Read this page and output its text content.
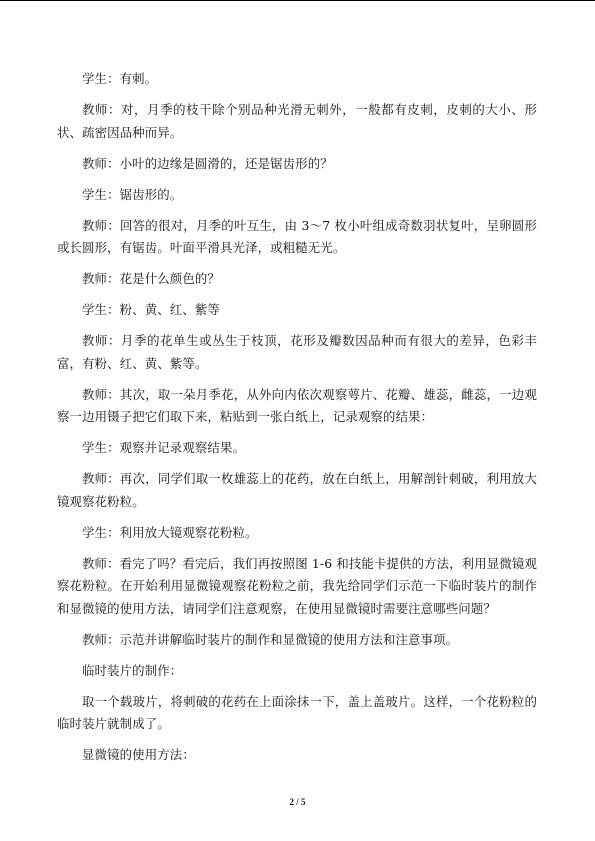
学生：有刺。

教师：对，月季的枝干除个别品种光滑无刺外，一般都有皮刺，皮刺的大小、形状、疏密因品种而异。

教师：小叶的边缘是圆滑的，还是锯齿形的？

学生：锯齿形的。

教师：回答的很对，月季的叶互生，由 3～7 枚小叶组成奇数羽状复叶，呈卵圆形或长圆形，有锯齿。叶面平滑具光泽，或粗糙无光。

教师：花是什么颜色的？

学生：粉、黄、红、紫等

教师：月季的花单生或丛生于枝顶，花形及瓣数因品种而有很大的差异，色彩丰富，有粉、红、黄、紫等。

教师：其次，取一朵月季花，从外向内依次观察萼片、花瓣、雄蕊，雌蕊，一边观察一边用镊子把它们取下来，粘贴到一张白纸上，记录观察的结果：

学生：观察并记录观察结果。

教师：再次，同学们取一枚雄蕊上的花药，放在白纸上，用解剖针刺破，利用放大镜观察花粉粒。

学生：利用放大镜观察花粉粒。

教师：看完了吗？看完后，我们再按照图 1-6 和技能卡提供的方法，利用显微镜观察花粉粒。在开始利用显微镜观察花粉粒之前，我先给同学们示范一下临时装片的制作和显微镜的使用方法，请同学们注意观察，在使用显微镜时需要注意哪些问题？

教师：示范并讲解临时装片的制作和显微镜的使用方法和注意事项。

临时装片的制作：

取一个载玻片，将刺破的花药在上面涂抹一下，盖上盖玻片。这样，一个花粉粒的临时装片就制成了。

显微镜的使用方法：

2 / 5
